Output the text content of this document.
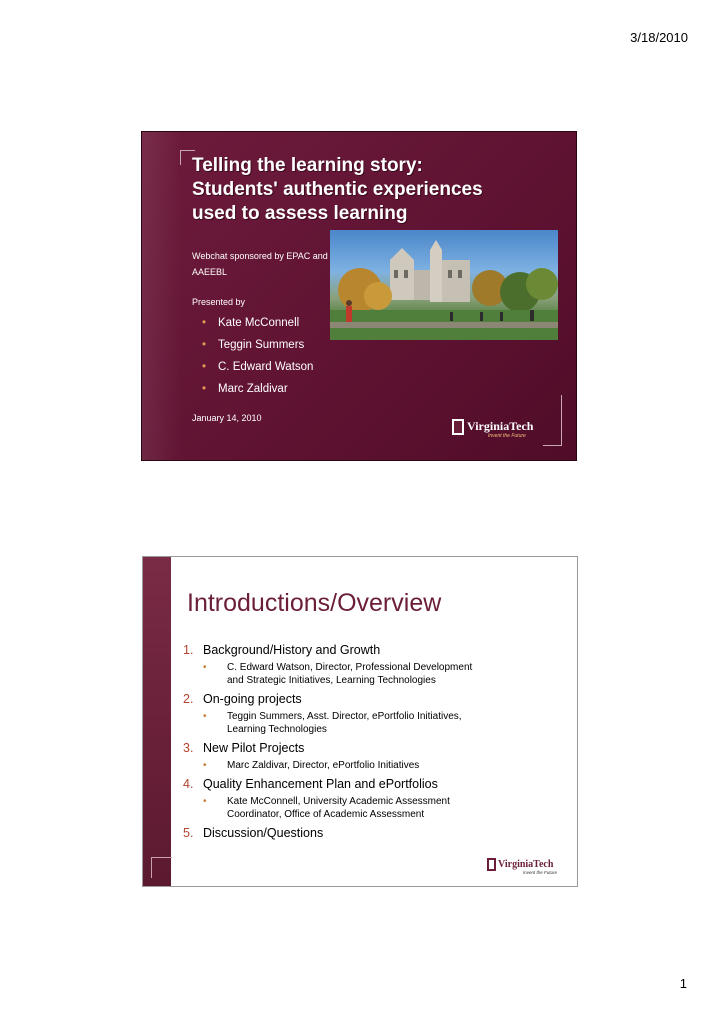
3/18/2010
Telling the learning story:
Students' authentic experiences
used to assess learning
Webchat sponsored by EPAC and
AAEEBL
Presented by
• Kate McConnell
• Teggin Summers
• C. Edward Watson
• Marc Zaldivar
January 14, 2010
VirginiaTech
Invent the Future
Introductions/Overview
1. Background/History and Growth
• C. Edward Watson, Director, Professional Development
and Strategic Initiatives, Learning Technologies
2. On-going projects
• Teggin Summers, Asst. Director, ePortfolio Initiatives,
Learning Technologies
3. New Pilot Projects
• Marc Zaldivar, Director, ePortfolio Initiatives
4. Quality Enhancement Plan and ePortfolios
• Kate McConnell, University Academic Assessment
Coordinator, Office of Academic Assessment
5. Discussion/Questions
VirginiaTech
Invent the Future
1
